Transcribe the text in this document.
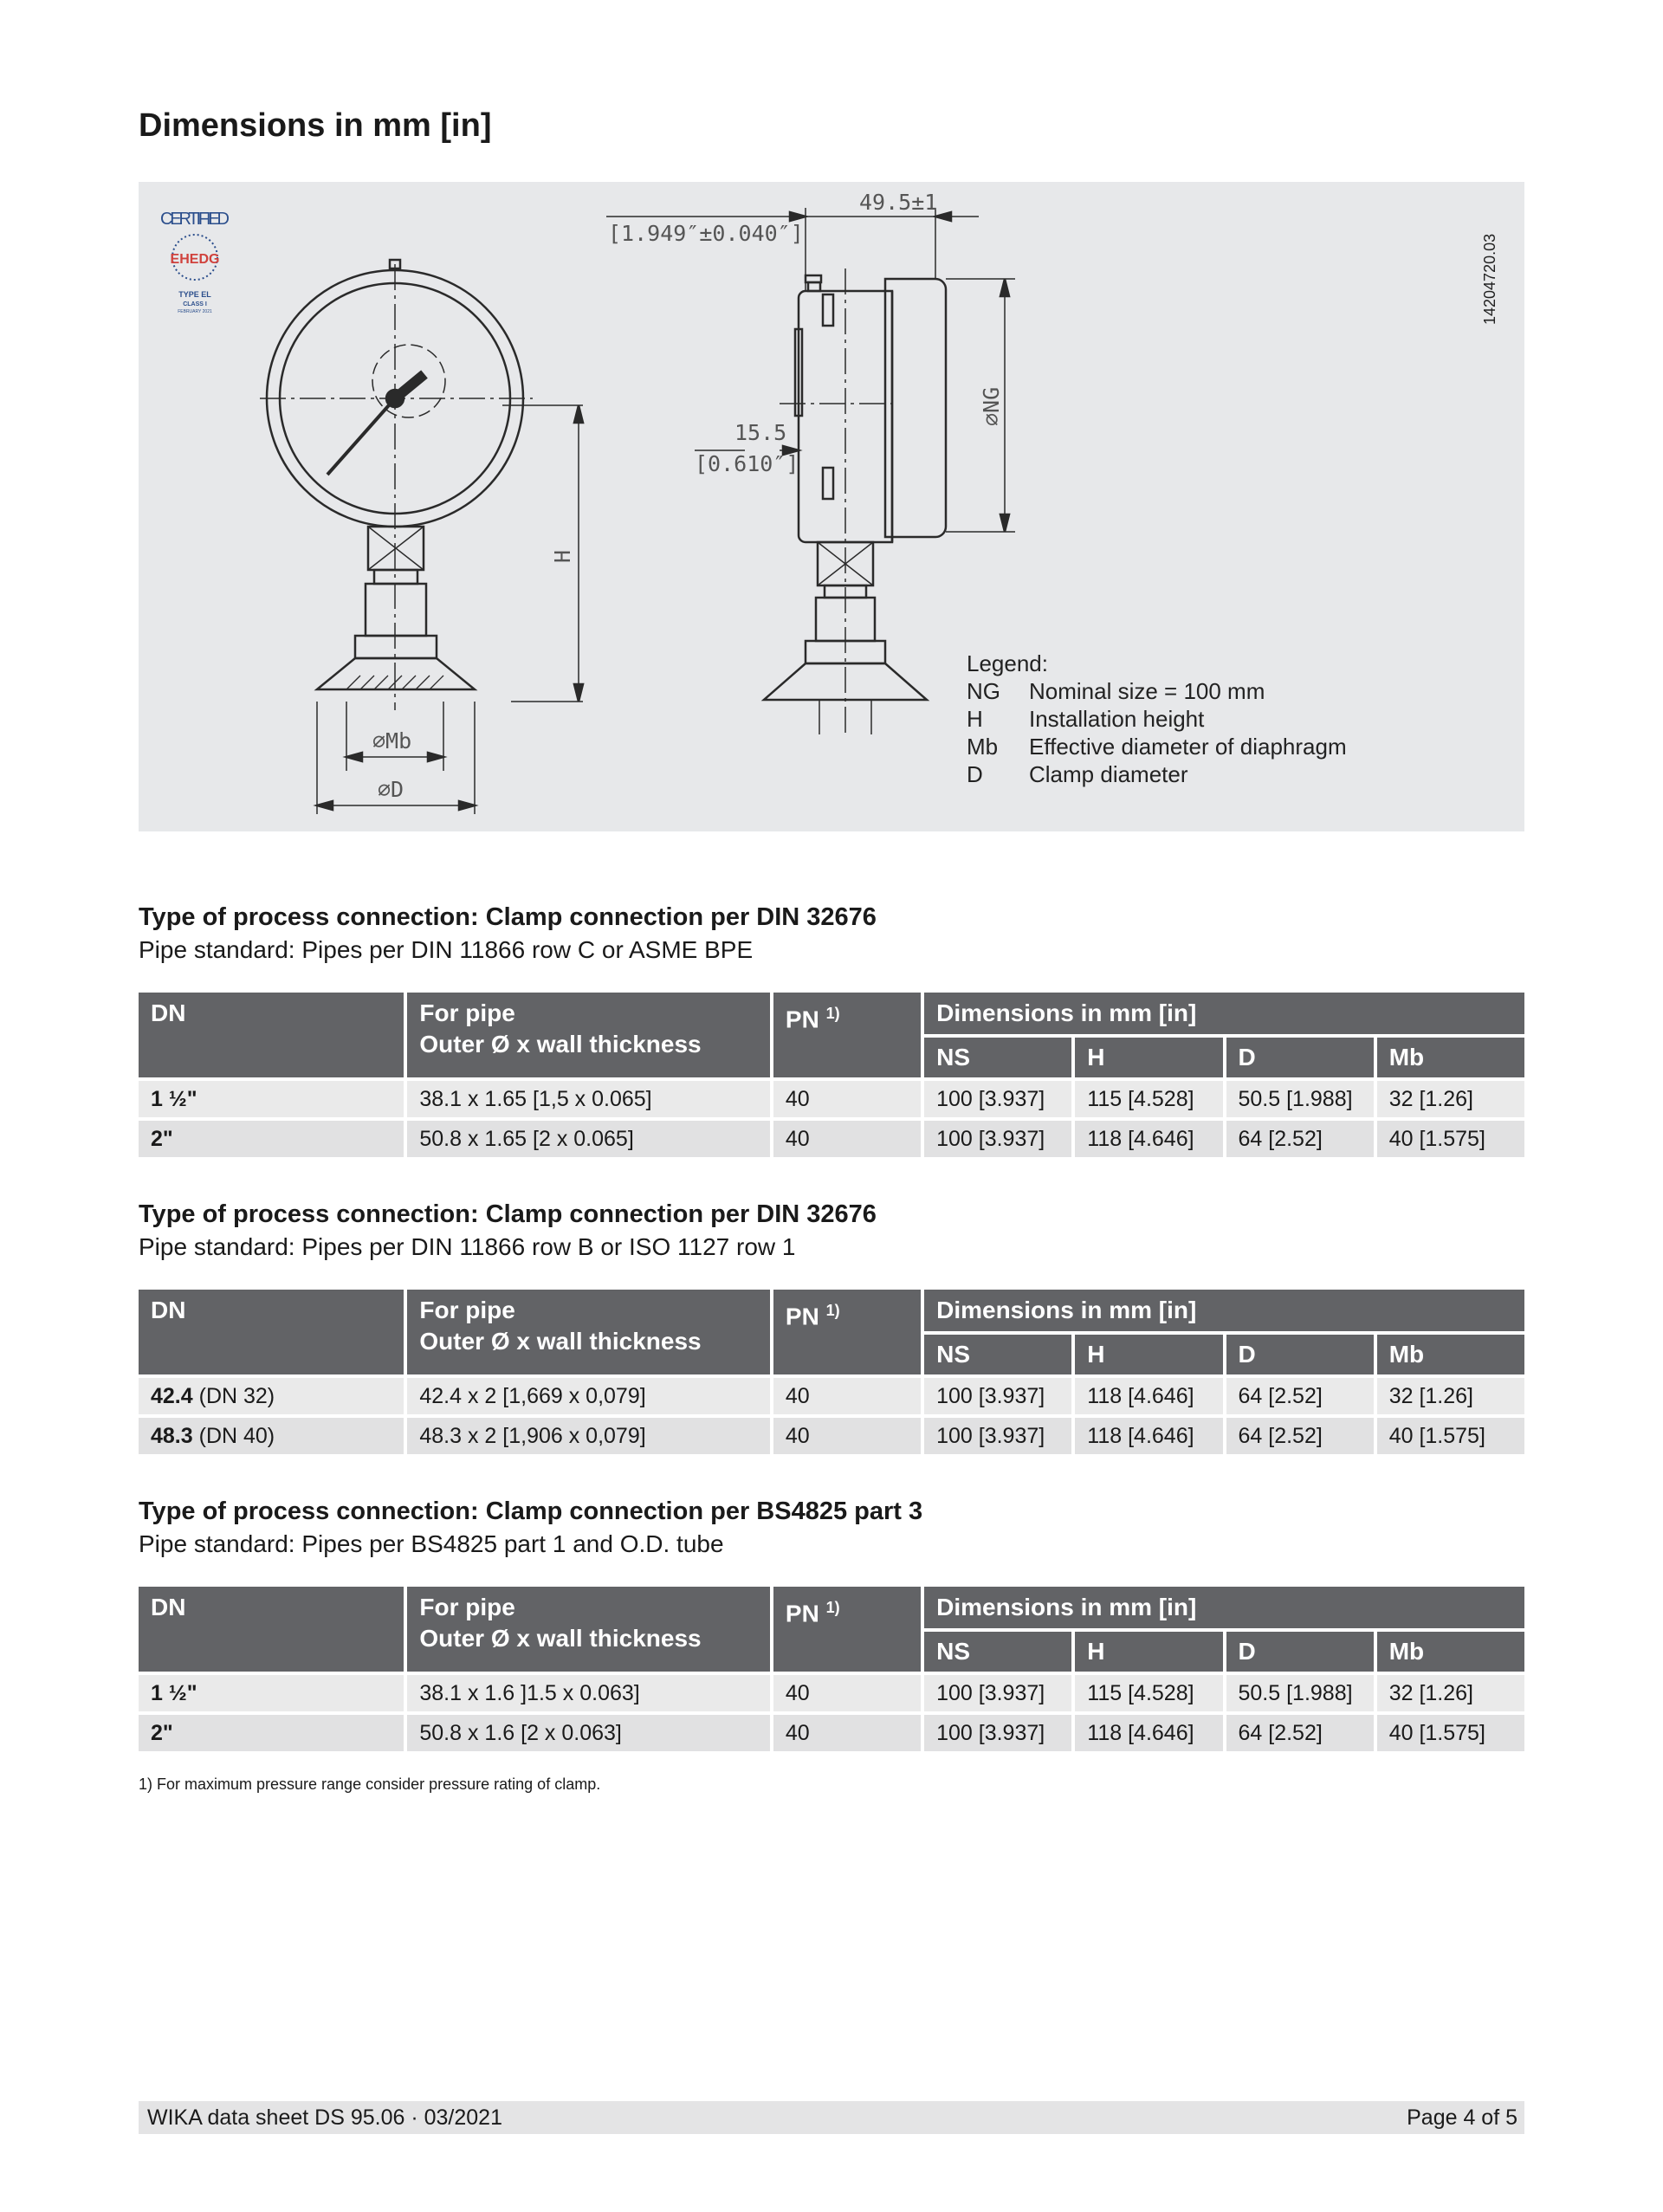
Dimensions in mm [in]
49.5±1
[1.949″±0.040″]
15.5
[0.610″]
⌀NG
H
⌀Mb
⌀D
CERTIFIED
EHEDG
TYPE EL
CLASS I
FEBRUARY 2021	14204720.03
Legend:
NG	Nominal size = 100 mm
H	Installation height
Mb	Effective diameter of diaphragm
D	Clamp diameter
Type of process connection: Clamp connection per DIN 32676

Pipe standard: Pipes per DIN 11866 row C or ASME BPE

DN	For pipe
Outer Ø x wall thickness	PN $^{1)}$	Dimensions in mm [in]			
			NS	H	D	Mb
1 ½"	38.1 x 1.65 [1,5 x 0.065]	40	100 [3.937]	115 [4.528]	50.5 [1.988]	32 [1.26]
2"	50.8 x 1.65 [2 x 0.065]	40	100 [3.937]	118 [4.646]	64 [2.52]	40 [1.575]
Type of process connection: Clamp connection per DIN 32676

Pipe standard: Pipes per DIN 11866 row B or ISO 1127 row 1

DN	For pipe
Outer Ø x wall thickness	PN $^{1)}$	Dimensions in mm [in]			
			NS	H	D	Mb
42.4 (DN 32)	42.4 x 2 [1,669 x 0,079]	40	100 [3.937]	118 [4.646]	64 [2.52]	32 [1.26]
48.3 (DN 40)	48.3 x 2 [1,906 x 0,079]	40	100 [3.937]	118 [4.646]	64 [2.52]	40 [1.575]
Type of process connection: Clamp connection per BS4825 part 3

Pipe standard: Pipes per BS4825 part 1 and O.D. tube

DN	For pipe
Outer Ø x wall thickness	PN $^{1)}$	Dimensions in mm [in]			
			NS	H	D	Mb
1 ½"	38.1 x 1.6 ]1.5 x 0.063]	40	100 [3.937]	115 [4.528]	50.5 [1.988]	32 [1.26]
2"	50.8 x 1.6 [2 x 0.063]	40	100 [3.937]	118 [4.646]	64 [2.52]	40 [1.575]
1) For maximum pressure range consider pressure rating of clamp.
WIKA data sheet DS 95.06 · 03/2021	Page 4 of 5
